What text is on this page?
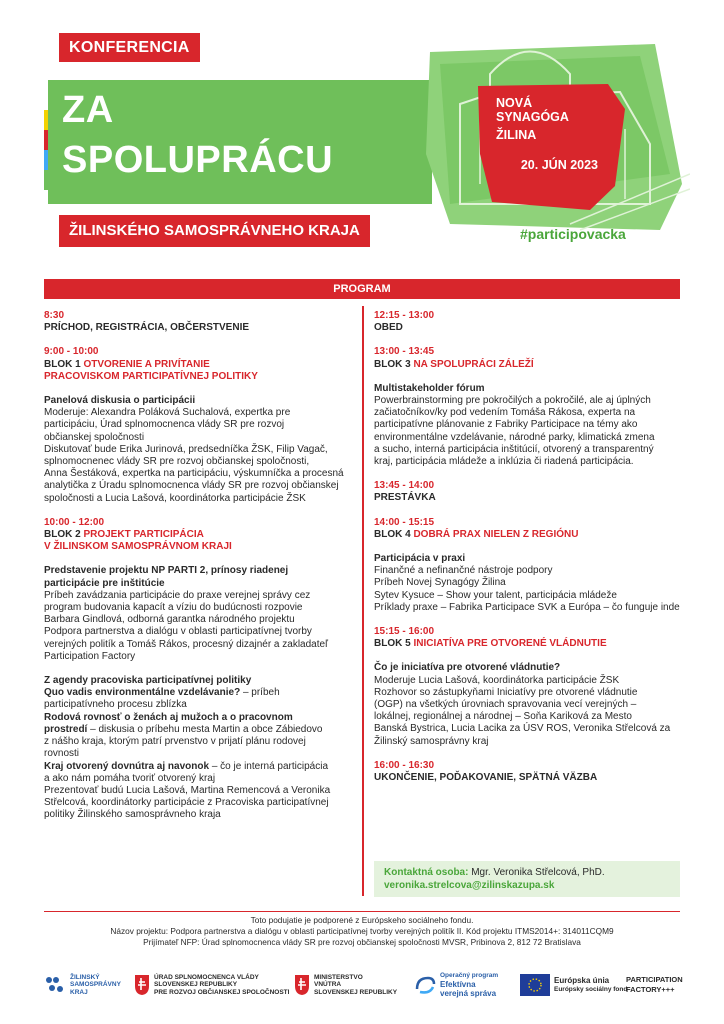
KONFERENCIA
ZA
SPOLUPRÁCU
ŽILINSKÉHO SAMOSPRÁVNEHO KRAJA
NOVÁ SYNAGÓGA
ŽILINA
20. JÚN 2023
#participovacka
PROGRAM
8:30
PRÍCHOD, REGISTRÁCIA, OBČERSTVENIE
9:00 - 10:00
BLOK 1 OTVORENIE A PRIVÍTANIE
PRACOVISKOM PARTICIPATÍVNEJ POLITIKY
Panelová diskusia o participácii
Moderuje: Alexandra Poláková Suchalová, expertka pre
participáciu, Úrad splnomocnenca vlády SR pre rozvoj
občianskej spoločnosti
Diskutovať bude Erika Jurinová, predsedníčka ŽSK, Filip Vagač,
splnomocnenec vlády SR pre rozvoj občianskej spoločnosti,
Anna Šestáková, expertka na participáciu, výskumníčka a procesná
analytička z Úradu splnomocnenca vlády SR pre rozvoj občianskej
spoločnosti a Lucia Lašová, koordinátorka participácie ŽSK
10:00 - 12:00
BLOK 2 PROJEKT PARTICIPÁCIA
V ŽILINSKOM SAMOSPRÁVNOM KRAJI
Predstavenie projektu NP PARTI 2, prínosy riadenej
participácie pre inštitúcie
Príbeh zavádzania participácie do praxe verejnej správy cez
program budovania kapacít a víziu do budúcnosti rozpovie
Barbara Gindlová, odborná garantka národného projektu
Podpora partnerstva a dialógu v oblasti participatívnej tvorby
verejných politík a Tomáš Rákos, procesný dizajnér a zakladateľ
Participation Factory
Z agendy pracoviska participatívnej politiky
Quo vadis environmentálne vzdelávanie? – príbeh
participatívneho procesu zblízka
Rodová rovnosť o ženách aj mužoch a o pracovnom
prostredí – diskusia o príbehu mesta Martin a obce Zábiedovo
z nášho kraja, ktorým patrí prvenstvo v prijatí plánu rodovej
rovnosti
Kraj otvorený dovnútra aj navonok – čo je interná participácia
a ako nám pomáha tvoriť otvorený kraj
Prezentovať budú Lucia Lašová, Martina Remencová a Veronika
Střelcová, koordinátorky participácie z Pracoviska participatívnej
politiky Žilinského samosprávneho kraja
12:15 - 13:00
OBED
13:00 - 13:45
BLOK 3 NA SPOLUPRÁCI ZÁLEŽÍ
Multistakeholder fórum
Powerbrainstorming pre pokročilých a pokročilé, ale aj úplných
začiatočníkov/ky pod vedením Tomáša Rákosa, experta na
participatívne plánovanie z Fabriky Participace na témy ako
environmentálne vzdelávanie, národné parky, klimatická zmena
a sucho, interná participácia inštitúcií, otvorený a transparentný
kraj, participácia mládeže a inklúzia či riadená participácia.
13:45 - 14:00
PRESTÁVKA
14:00 - 15:15
BLOK 4 DOBRÁ PRAX NIELEN Z REGIÓNU
Participácia v praxi
Finančné a nefinančné nástroje podpory
Príbeh Novej Synagógy Žilina
Sytev Kysuce – Show your talent, participácia mládeže
Príklady praxe – Fabrika Participace SVK a Európa – čo funguje inde
15:15 - 16:00
BLOK 5 INICIATÍVA PRE OTVORENÉ VLÁDNUTIE
Čo je iniciatíva pre otvorené vládnutie?
Moderuje Lucia Lašová, koordinátorka participácie ŽSK
Rozhovor so zástupkyňami Iniciatívy pre otvorené vládnutie
(OGP) na všetkých úrovniach spravovania vecí verejných –
lokálnej, regionálnej a národnej – Soňa Kariková za Mesto
Banská Bystrica, Lucia Lacika za ÚSV ROS, Veronika Střelcová za
Žilinský samosprávny kraj
16:00 - 16:30
UKONČENIE, POĎAKOVANIE, SPÄTNÁ VÄZBA
Kontaktná osoba: Mgr. Veronika Střelcová, PhD.
veronika.strelcova@zilinskazupa.sk
Toto podujatie je podporené z Európskeho sociálneho fondu.
Názov projektu: Podpora partnerstva a dialógu v oblasti participatívnej tvorby verejných politík II. Kód projektu ITMS2014+: 314011CQM9
Prijímateľ NFP: Úrad splnomocnenca vlády SR pre rozvoj občianskej spoločnosti MVSR, Pribinova 2, 812 72 Bratislava
ŽILINSKÝ
SAMOSPRÁVNY
KRAJ
ÚRAD SPLNOMOCNENCA VLÁDY
SLOVENSKEJ REPUBLIKY
PRE ROZVOJ OBČIANSKEJ SPOLOČNOSTI
MINISTERSTVO
VNÚTRA
SLOVENSKEJ REPUBLIKY
Operačný program
Efektívna
verejná správa
Európska únia
Európsky sociálny fond
PARTICIPATION
FACTORY+++
